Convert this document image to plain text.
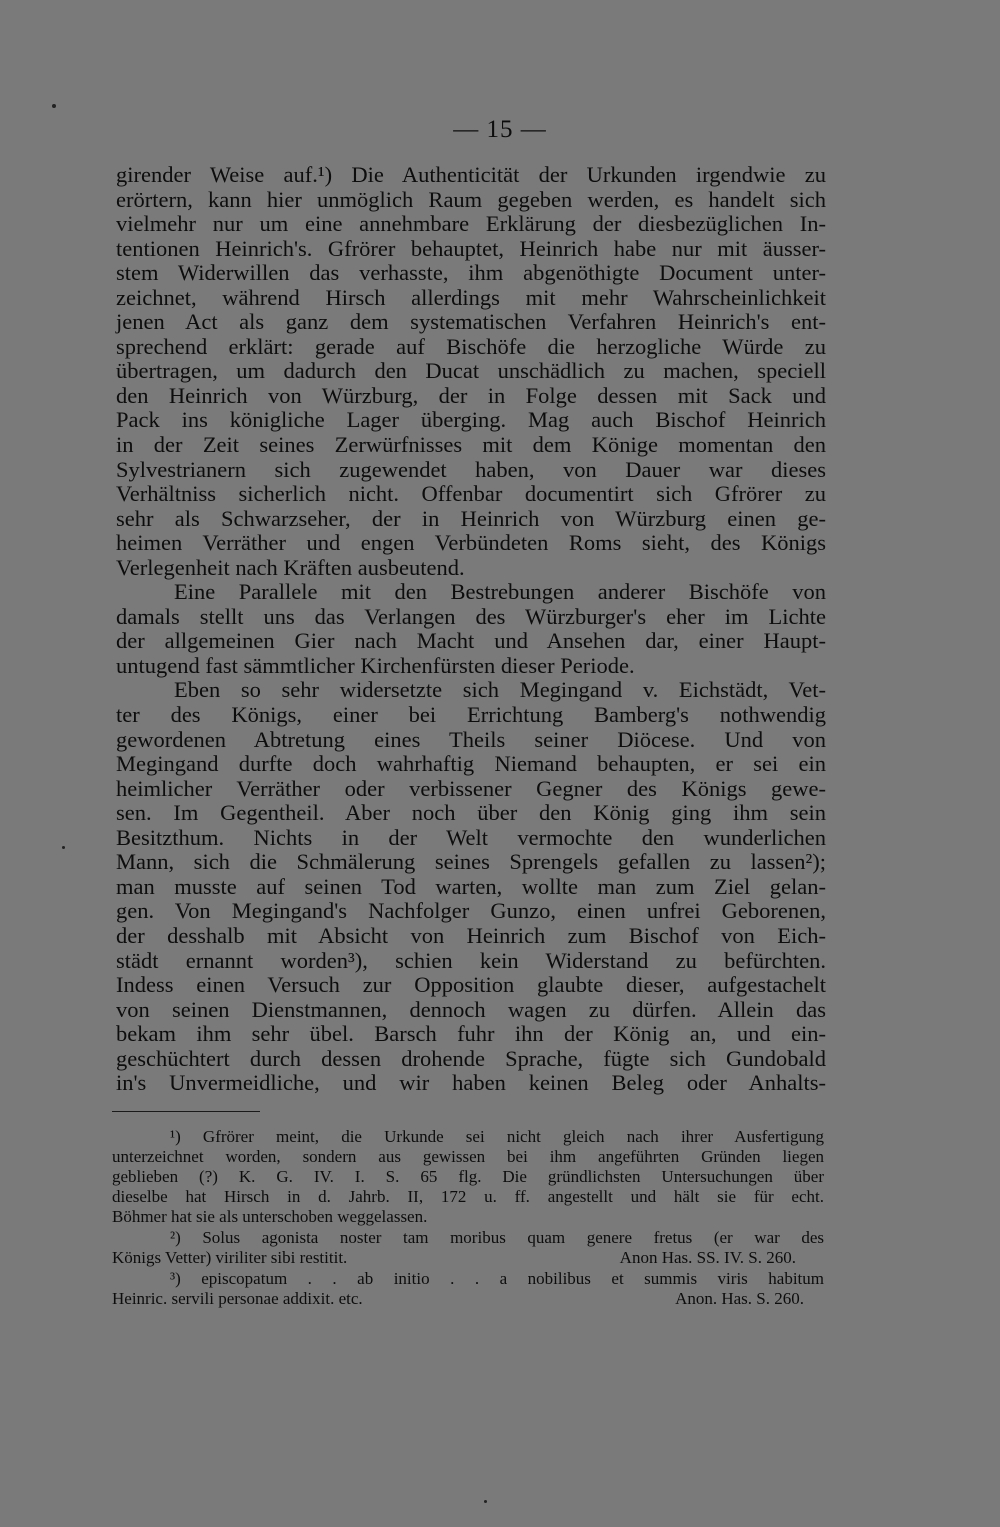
— 15 —
girender Weise auf.¹) Die Authenticität der Urkunden irgendwie zu
erörtern, kann hier unmöglich Raum gegeben werden, es handelt sich
vielmehr nur um eine annehmbare Erklärung der diesbezüglichen In-
tentionen Heinrich's. Gfrörer behauptet, Heinrich habe nur mit äusser-
stem Widerwillen das verhasste, ihm abgenöthigte Document unter-
zeichnet, während Hirsch allerdings mit mehr Wahrscheinlichkeit
jenen Act als ganz dem systematischen Verfahren Heinrich's ent-
sprechend erklärt: gerade auf Bischöfe die herzogliche Würde zu
übertragen, um dadurch den Ducat unschädlich zu machen, speciell
den Heinrich von Würzburg, der in Folge dessen mit Sack und
Pack ins königliche Lager überging. Mag auch Bischof Heinrich
in der Zeit seines Zerwürfnisses mit dem Könige momentan den
Sylvestrianern sich zugewendet haben, von Dauer war dieses
Verhältniss sicherlich nicht. Offenbar documentirt sich Gfrörer zu
sehr als Schwarzseher, der in Heinrich von Würzburg einen ge-
heimen Verräther und engen Verbündeten Roms sieht, des Königs
Verlegenheit nach Kräften ausbeutend.
Eine Parallele mit den Bestrebungen anderer Bischöfe von
damals stellt uns das Verlangen des Würzburger's eher im Lichte
der allgemeinen Gier nach Macht und Ansehen dar, einer Haupt-
untugend fast sämmtlicher Kirchenfürsten dieser Periode.
Eben so sehr widersetzte sich Megingand v. Eichstädt, Vet-
ter des Königs, einer bei Errichtung Bamberg's nothwendig
gewordenen Abtretung eines Theils seiner Diöcese. Und von
Megingand durfte doch wahrhaftig Niemand behaupten, er sei ein
heimlicher Verräther oder verbissener Gegner des Königs gewe-
sen. Im Gegentheil. Aber noch über den König ging ihm sein
Besitzthum. Nichts in der Welt vermochte den wunderlichen
Mann, sich die Schmälerung seines Sprengels gefallen zu lassen²);
man musste auf seinen Tod warten, wollte man zum Ziel gelan-
gen. Von Megingand's Nachfolger Gunzo, einen unfrei Geborenen,
der desshalb mit Absicht von Heinrich zum Bischof von Eich-
städt ernannt worden³), schien kein Widerstand zu befürchten.
Indess einen Versuch zur Opposition glaubte dieser, aufgestachelt
von seinen Dienstmannen, dennoch wagen zu dürfen. Allein das
bekam ihm sehr übel. Barsch fuhr ihn der König an, und ein-
geschüchtert durch dessen drohende Sprache, fügte sich Gundobald
in's Unvermeidliche, und wir haben keinen Beleg oder Anhalts-
¹) Gfrörer meint, die Urkunde sei nicht gleich nach ihrer Ausfertigung
unterzeichnet worden, sondern aus gewissen bei ihm angeführten Gründen liegen
geblieben (?) K. G. IV. I. S. 65 flg. Die gründlichsten Untersuchungen über
dieselbe hat Hirsch in d. Jahrb. II, 172 u. ff. angestellt und hält sie für echt.
Böhmer hat sie als unterschoben weggelassen.
²) Solus agonista noster tam moribus quam genere fretus (er war des
Königs Vetter) viriliter sibi restitit.	Anon Has. SS. IV. S. 260.
³) episcopatum . . ab initio . . a nobilibus et summis viris habitum
Heinric. servili personae addixit. etc.	Anon. Has. S. 260.
